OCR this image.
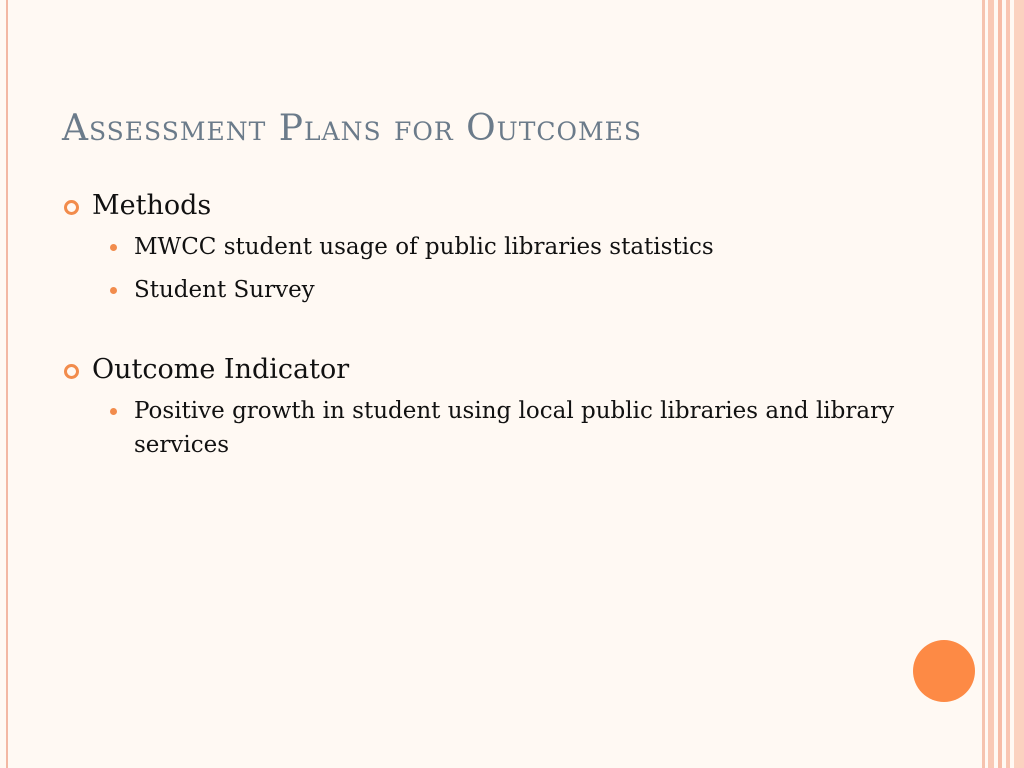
Assessment Plans for Outcomes
Methods
MWCC student usage of public libraries statistics
Student Survey
Outcome Indicator
Positive growth in student using local public libraries and library services
